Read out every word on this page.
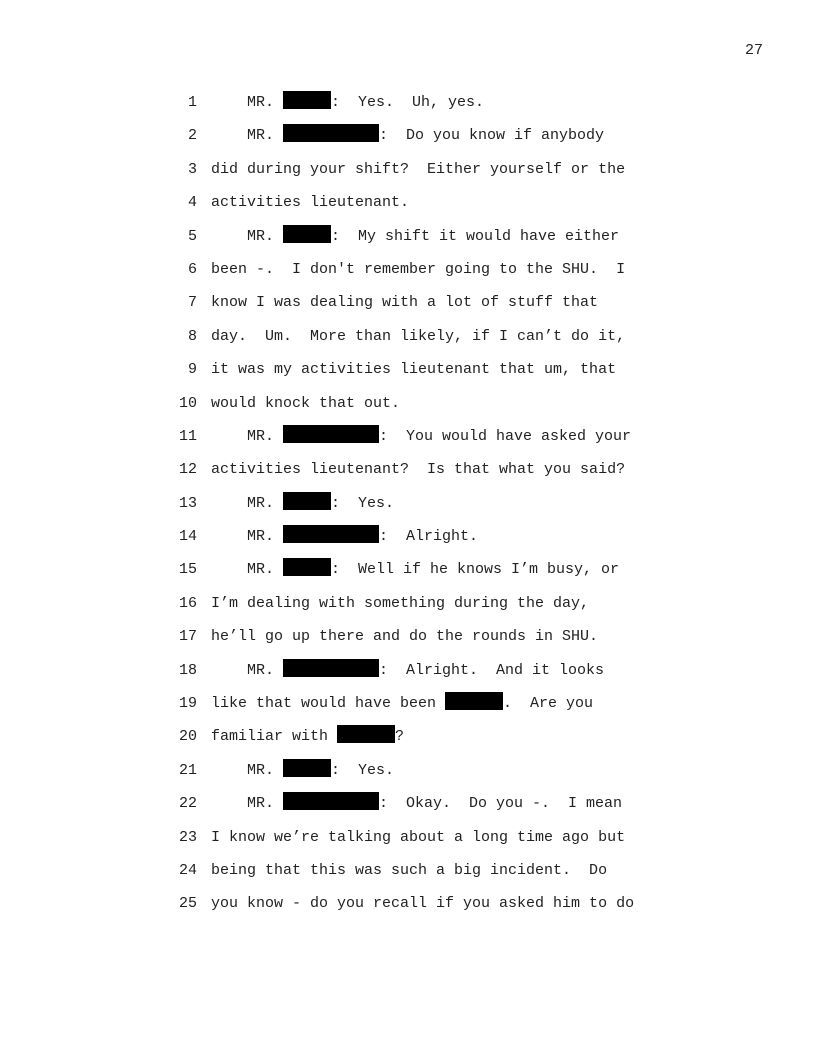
27
1 MR.	:  Yes.  Uh, yes.
2 MR.	:  Do you know if anybody
3 did during your shift?  Either yourself or the
4 activities lieutenant.
5 MR.	:  My shift it would have either
6 been -.  I don't remember going to the SHU.  I
7 know I was dealing with a lot of stuff that
8 day.  Um.  More than likely, if I can’t do it,
9 it was my activities lieutenant that um, that
10 would knock that out.
11 MR.	:  You would have asked your
12 activities lieutenant?  Is that what you said?
13 MR.	:  Yes.
14 MR.	:  Alright.
15 MR.	:  Well if he knows I’m busy, or
16 I’m dealing with something during the day,
17 he’ll go up there and do the rounds in SHU.
18 MR.	:  Alright.  And it looks
19 like that would have been	.  Are you
20 familiar with	?
21 MR.	:  Yes.
22 MR.	:  Okay.  Do you -.  I mean
23 I know we’re talking about a long time ago but
24 being that this was such a big incident.  Do
25 you know - do you recall if you asked him to do
